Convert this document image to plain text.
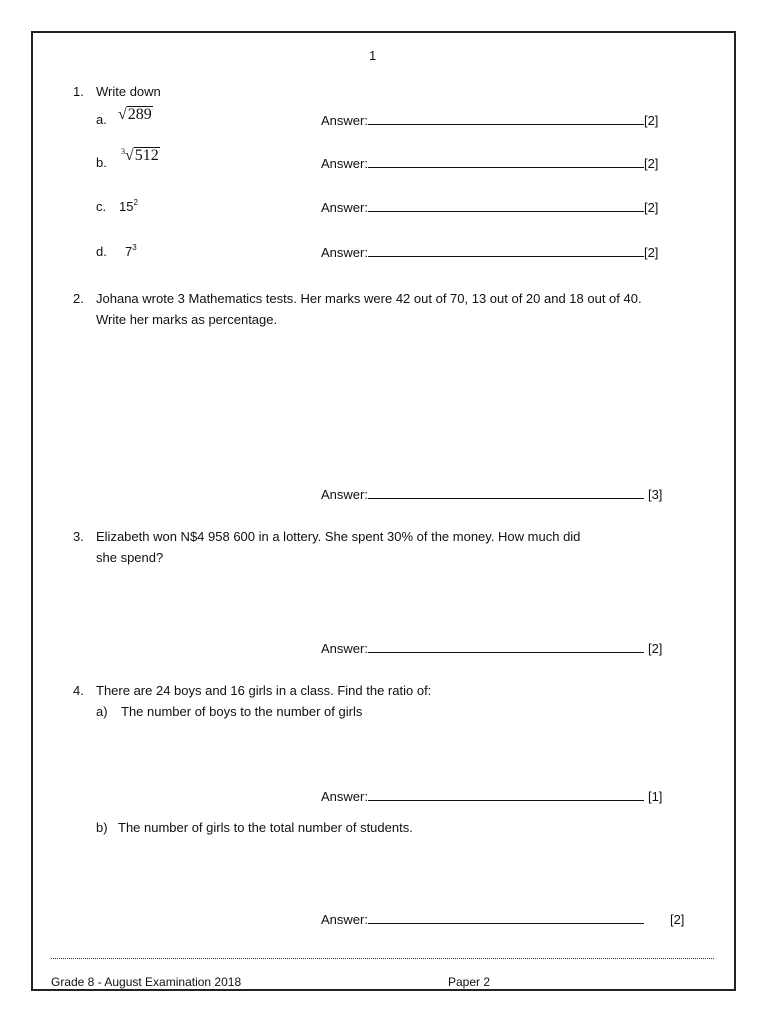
1
1. Write down
a. √289	Answer:	[2]
b.
$^3$√512	Answer:	[2]
c. $15^2$	Answer:	[2]
d. $7^3$	Answer:	[2]
2. Johana wrote 3 Mathematics tests. Her marks were 42 out of 70, 13 out of 20 and 18 out of 40.
Write her marks as percentage.
Answer:	[3]
3. Elizabeth won N$4 958 600 in a lottery. She spent 30% of the money. How much did
she spend?
Answer:	[2]
4. There are 24 boys and 16 girls in a class. Find the ratio of:
a) The number of boys to the number of girls
Answer:	[1]
b) The number of girls to the total number of students.
Answer:	[2]
Grade 8 - August Examination 2018	Paper 2
